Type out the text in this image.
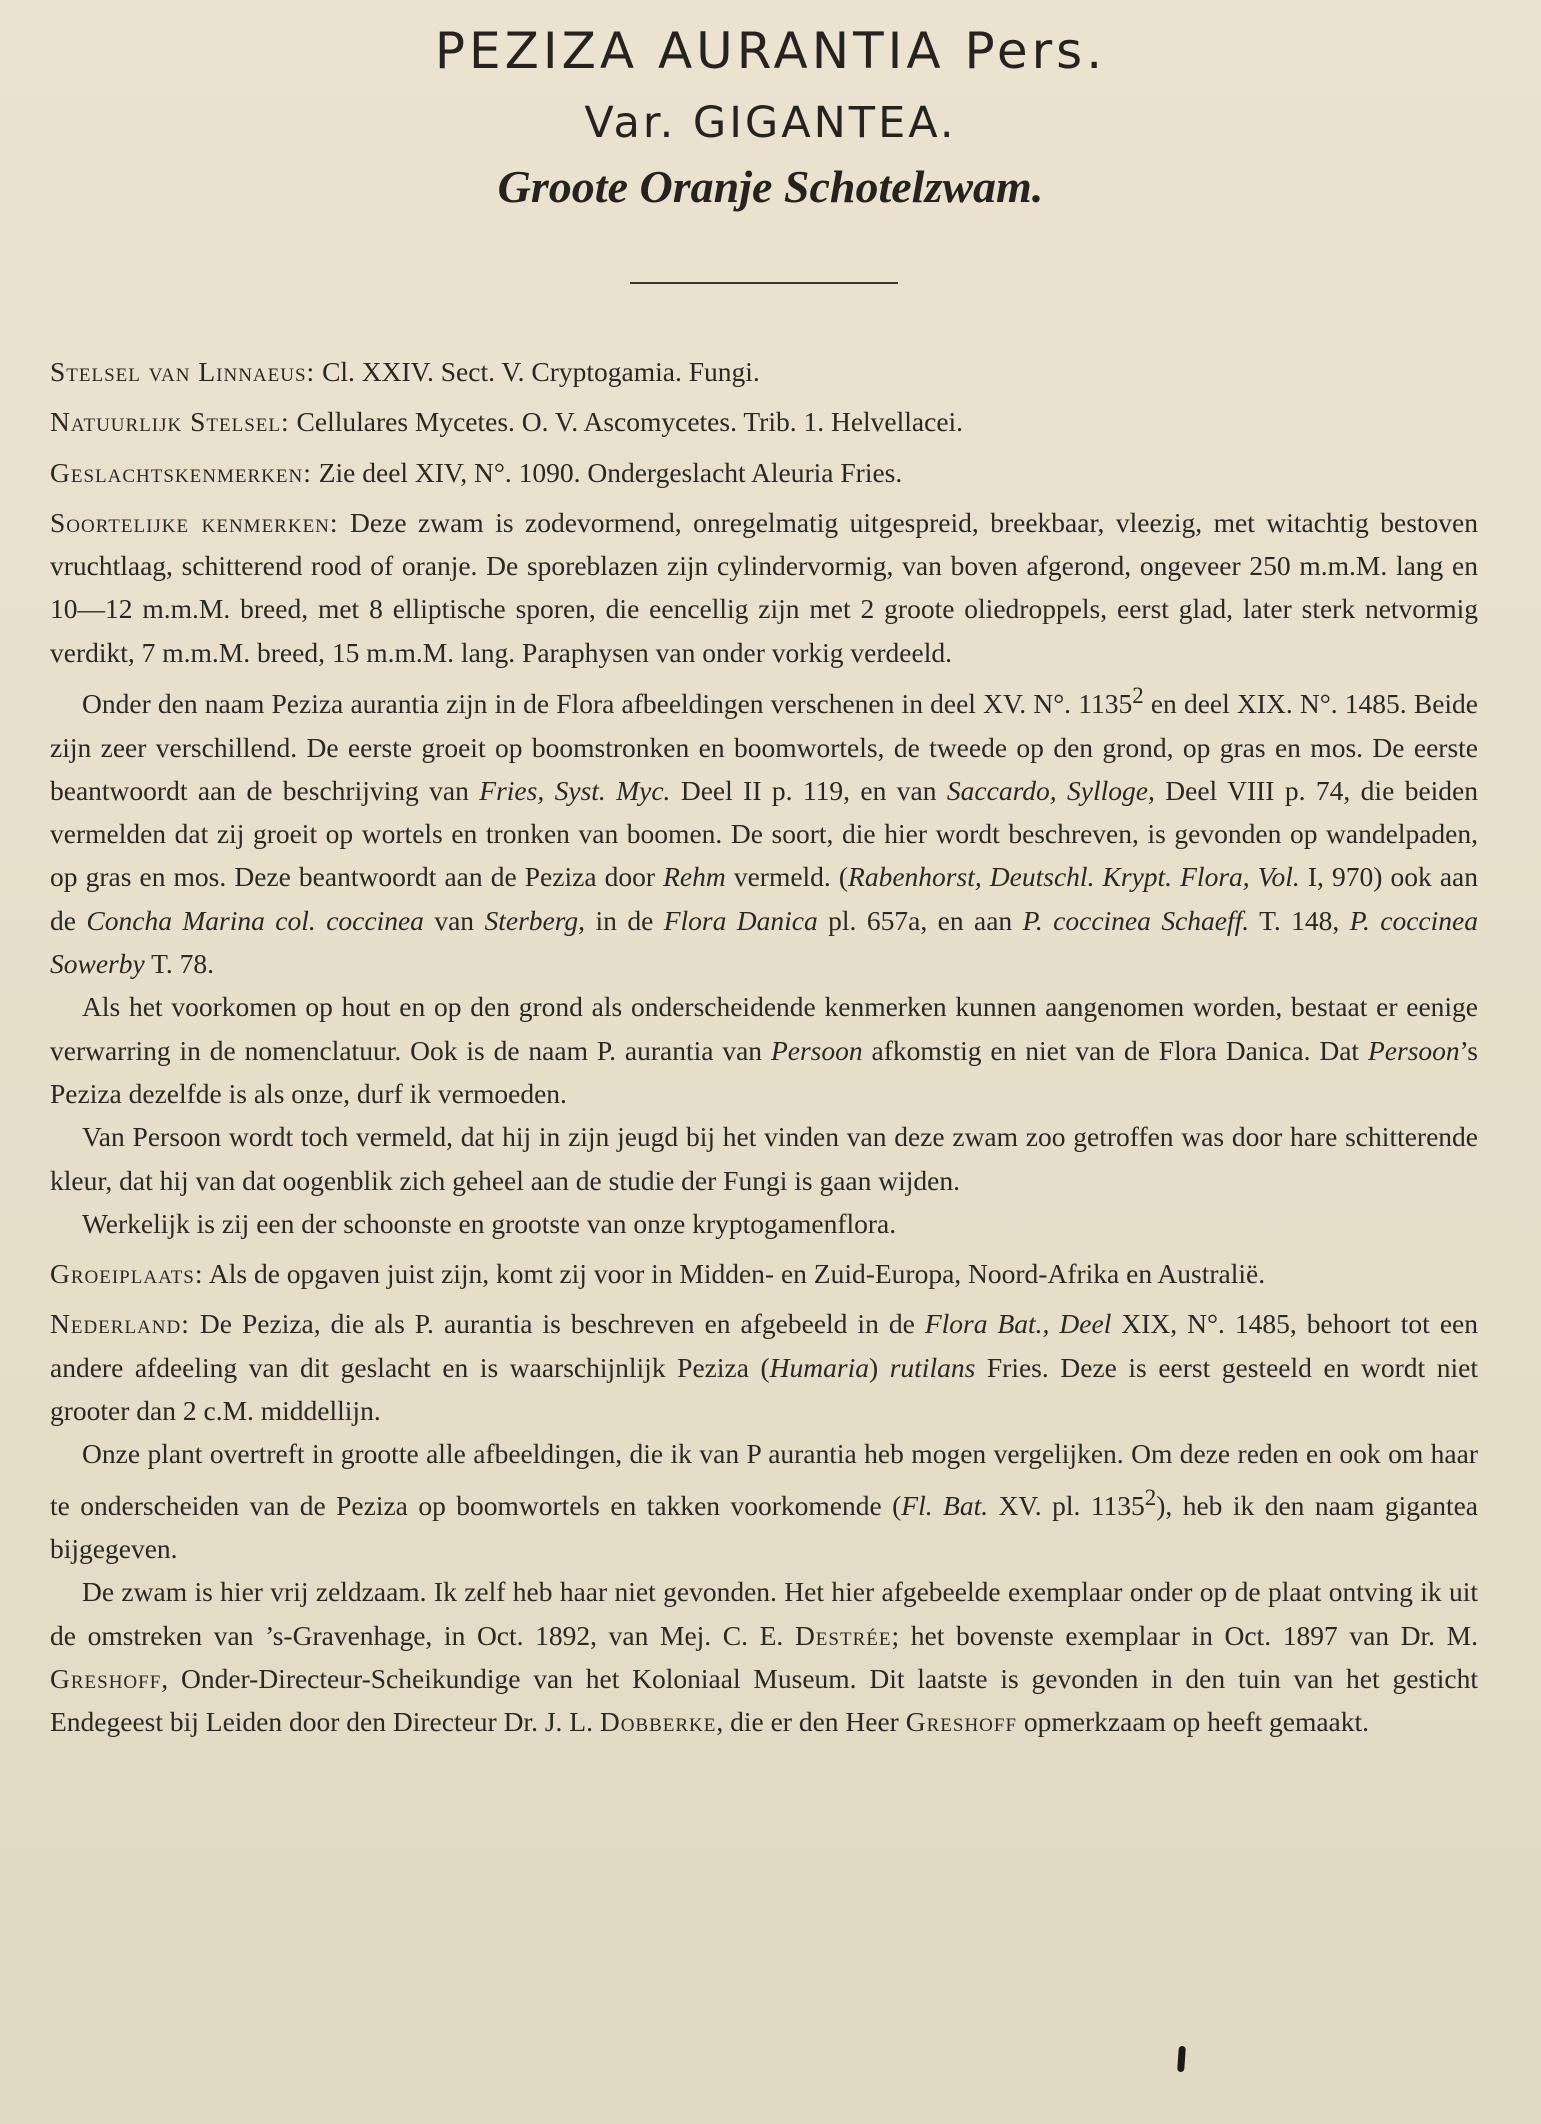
PEZIZA AURANTIA Pers.
Var. GIGANTEA.
Groote Oranje Schotelzwam.

Stelsel van Linnaeus: Cl. XXIV. Sect. V. Cryptogamia. Fungi.

Natuurlijk Stelsel: Cellulares Mycetes. O. V. Ascomycetes. Trib. 1. Helvellacei.

Geslachtskenmerken: Zie deel XIV, N°. 1090. Ondergeslacht Aleuria Fries.

Soortelijke kenmerken: Deze zwam is zodevormend, onregelmatig uitgespreid, breekbaar, vleezig, met witachtig bestoven vruchtlaag, schitterend rood of oranje. De sporeblazen zijn cylindervormig, van boven afgerond, ongeveer 250 m.m.M. lang en 10—12 m.m.M. breed, met 8 elliptische sporen, die eencellig zijn met 2 groote oliedroppels, eerst glad, later sterk netvormig verdikt, 7 m.m.M. breed, 15 m.m.M. lang. Paraphysen van onder vorkig verdeeld.

Onder den naam Peziza aurantia zijn in de Flora afbeeldingen verschenen in deel XV. N°. 1135$^2$ en deel XIX. N°. 1485. Beide zijn zeer verschillend. De eerste groeit op boomstronken en boomwortels, de tweede op den grond, op gras en mos. De eerste beantwoordt aan de beschrijving van Fries, Syst. Myc. Deel II p. 119, en van Saccardo, Sylloge, Deel VIII p. 74, die beiden vermelden dat zij groeit op wortels en tronken van boomen. De soort, die hier wordt beschreven, is gevonden op wandelpaden, op gras en mos. Deze beantwoordt aan de Peziza door Rehm vermeld. (Rabenhorst, Deutschl. Krypt. Flora, Vol. I, 970) ook aan de Concha Marina col. coccinea van Sterberg, in de Flora Danica pl. 657a, en aan P. coccinea Schaeff. T. 148, P. coccinea Sowerby T. 78.

Als het voorkomen op hout en op den grond als onderscheidende kenmerken kunnen aangenomen worden, bestaat er eenige verwarring in de nomenclatuur. Ook is de naam P. aurantia van Persoon afkomstig en niet van de Flora Danica. Dat Persoon’s Peziza dezelfde is als onze, durf ik vermoeden.

Van Persoon wordt toch vermeld, dat hij in zijn jeugd bij het vinden van deze zwam zoo getroffen was door hare schitterende kleur, dat hij van dat oogenblik zich geheel aan de studie der Fungi is gaan wijden.

Werkelijk is zij een der schoonste en grootste van onze kryptogamenflora.

Groeiplaats: Als de opgaven juist zijn, komt zij voor in Midden- en Zuid-Europa, Noord-Afrika en Australië.

Nederland: De Peziza, die als P. aurantia is beschreven en afgebeeld in de Flora Bat., Deel XIX, N°. 1485, behoort tot een andere afdeeling van dit geslacht en is waarschijnlijk Peziza (Humaria) rutilans Fries. Deze is eerst gesteeld en wordt niet grooter dan 2 c.M. middellijn.

Onze plant overtreft in grootte alle afbeeldingen, die ik van P aurantia heb mogen vergelijken. Om deze reden en ook om haar te onderscheiden van de Peziza op boomwortels en takken voorkomende (Fl. Bat. XV. pl. 1135$^2$), heb ik den naam gigantea bijgegeven.

De zwam is hier vrij zeldzaam. Ik zelf heb haar niet gevonden. Het hier afgebeelde exemplaar onder op de plaat ontving ik uit de omstreken van ’s-Gravenhage, in Oct. 1892, van Mej. C. E. Destrée; het bovenste exemplaar in Oct. 1897 van Dr. M. Greshoff, Onder-Directeur-Scheikundige van het Koloniaal Museum. Dit laatste is gevonden in den tuin van het gesticht Endegeest bij Leiden door den Directeur Dr. J. L. Dobberke, die er den Heer Greshoff opmerkzaam op heeft gemaakt.
